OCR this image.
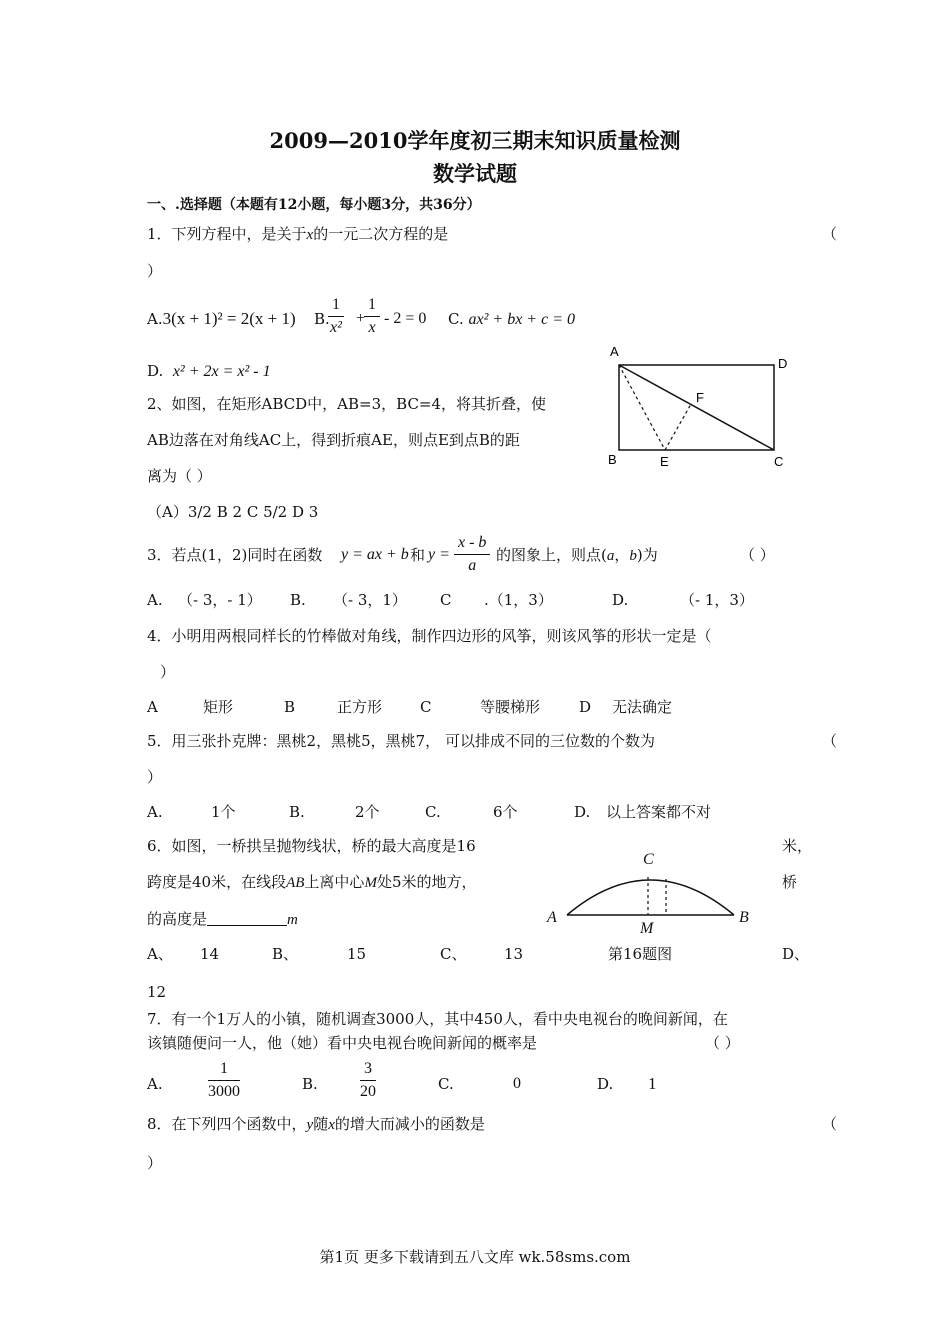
2009—2010学年度初三期末知识质量检测
数学试题
一、.选择题（本题有12小题，每小题3分，共36分）
1．下列方程中，是关于x的一元二次方程的是	（
）
A.3(x + 1)² = 2(x + 1) B.
$\frac{1}{\text{x²}}$ +
$\frac{1}{x} - 2 = 0$ C. ax² + bx + c = 0
D. x² + 2x = x² - 1
2、如图，在矩形ABCD中，AB=3，BC=4，将其折叠，使
AB边落在对角线AC上，得到折痕AE，则点E到点B的距
离为（ ）
（A）3/2 B 2 C 5/2 D 3
A
D
B	E	C
F
3．若点(1，2)同时在函数 y = ax + b 和 $y = \frac{x - b}{a}$ 的图象上，则点(a，b)为	（ ）
A. （- 3，- 1） B. （- 3，1） C .（1，3）	D.	（- 1，3）
4．小明用两根同样长的竹棒做对角线，制作四边形的风筝，则该风筝的形状一定是（
）
A	矩形	B	正方形	C	等腰梯形	D 无法确定
5．用三张扑克牌：黑桃2，黑桃5，黑桃7， 可以排成不同的三位数的个数为	（
）
A.	1个	B.	2个	C.	6个	D. 以上答案都不对
6．如图，一桥拱呈抛物线状，桥的最大高度是16	米，
跨度是40米，在线段AB上离中心M处5米的地方，	桥
的高度是	m
C
A	B
M
第16题图
A、 14	B、	15	C、	13	D、
12
7．有一个1万人的小镇，随机调查3000人，其中450人，看中央电视台的晚间新闻，在
该镇随便问一人，他（她）看中央电视台晚间新闻的概率是	（ ）
A.	$\frac{1}{3000}$	B.	$\frac{3}{20}$	C.	0	D. 1
8．在下列四个函数中，y随x的增大而减小的函数是	（
）
第1页 更多下载请到五八文库 wk.58sms.com
